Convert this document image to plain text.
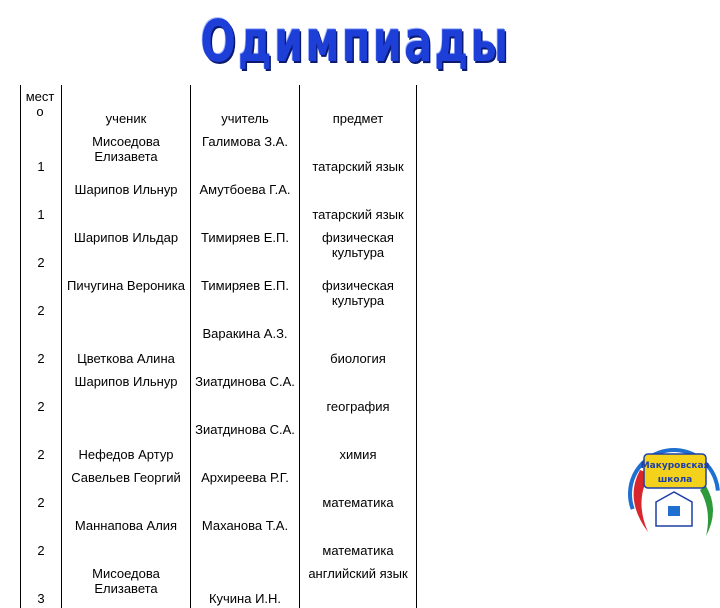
Одимпиады
мест о	ученик	учитель	предмет
1	Мисоедова Елизавета	Галимова З.А.	татарский язык
1	Шарипов Ильнур	Амутбоева Г.А.	татарский язык
2	Шарипов Ильдар	Тимиряев Е.П.	физическая культура
2	Пичугина Вероника	Тимиряев Е.П.	физическая культура
2	Цветкова Алина	Варакина А.З.	биология
2	Шарипов Ильнур	Зиатдинова С.А.	география
2	Нефедов Артур	Зиатдинова С.А.	химия
2	Савельев Георгий	Архиреева Р.Г.	математика
2	Маннапова Алия	Маханова Т.А.	математика
3	Мисоедова Елизавета	Кучина И.Н.	английский язык
Макуровская
школа
